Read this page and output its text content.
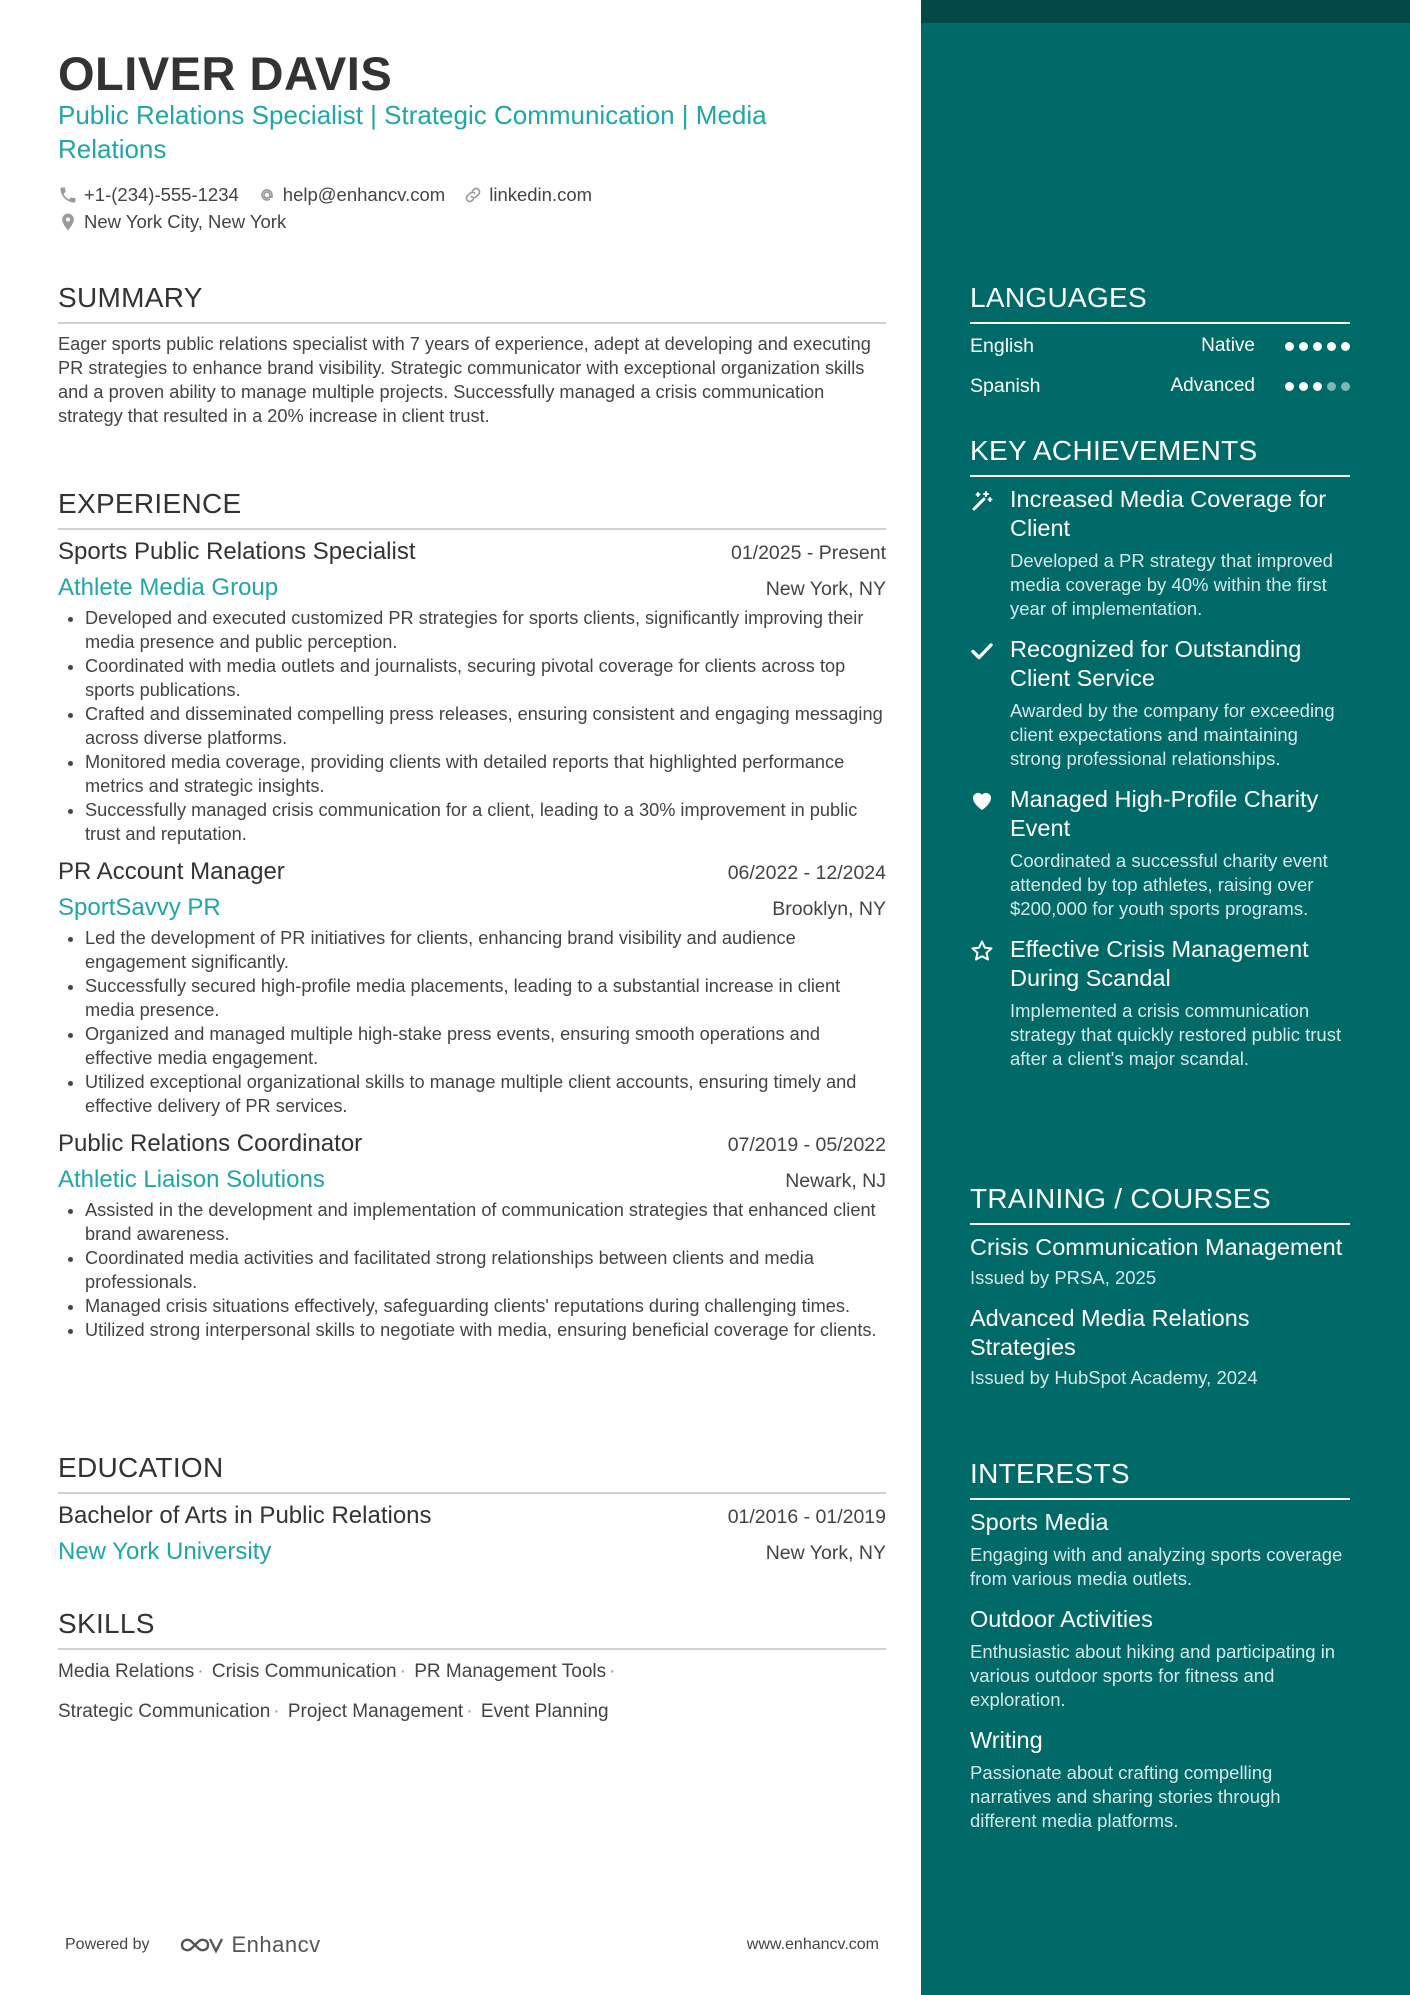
OLIVER DAVIS
Public Relations Specialist | Strategic Communication | Media Relations
+1-(234)-555-1234 help@enhancv.com linkedin.com
New York City, New York
SUMMARY
Eager sports public relations specialist with 7 years of experience, adept at developing and executing PR strategies to enhance brand visibility. Strategic communicator with exceptional organization skills and a proven ability to manage multiple projects. Successfully managed a crisis communication strategy that resulted in a 20% increase in client trust.
EXPERIENCE
Sports Public Relations Specialist	01/2025 - Present
Athlete Media Group	New York, NY
• Developed and executed customized PR strategies for sports clients, significantly improving their media presence and public perception.
• Coordinated with media outlets and journalists, securing pivotal coverage for clients across top sports publications.
• Crafted and disseminated compelling press releases, ensuring consistent and engaging messaging across diverse platforms.
• Monitored media coverage, providing clients with detailed reports that highlighted performance metrics and strategic insights.
• Successfully managed crisis communication for a client, leading to a 30% improvement in public trust and reputation.
PR Account Manager	06/2022 - 12/2024
SportSavvy PR	Brooklyn, NY
• Led the development of PR initiatives for clients, enhancing brand visibility and audience engagement significantly.
• Successfully secured high-profile media placements, leading to a substantial increase in client media presence.
• Organized and managed multiple high-stake press events, ensuring smooth operations and effective media engagement.
• Utilized exceptional organizational skills to manage multiple client accounts, ensuring timely and effective delivery of PR services.
Public Relations Coordinator	07/2019 - 05/2022
Athletic Liaison Solutions	Newark, NJ
• Assisted in the development and implementation of communication strategies that enhanced client brand awareness.
• Coordinated media activities and facilitated strong relationships between clients and media professionals.
• Managed crisis situations effectively, safeguarding clients' reputations during challenging times.
• Utilized strong interpersonal skills to negotiate with media, ensuring beneficial coverage for clients.
EDUCATION
Bachelor of Arts in Public Relations	01/2016 - 01/2019
New York University	New York, NY
SKILLS
Media Relations · Crisis Communication · PR Management Tools ·
Strategic Communication · Project Management · Event Planning
Powered by	Enhancv	www.enhancv.com
LANGUAGES
English	Native
Spanish	Advanced
KEY ACHIEVEMENTS
Increased Media Coverage for Client
Developed a PR strategy that improved media coverage by 40% within the first year of implementation.
Recognized for Outstanding Client Service
Awarded by the company for exceeding client expectations and maintaining strong professional relationships.
Managed High-Profile Charity Event
Coordinated a successful charity event attended by top athletes, raising over $200,000 for youth sports programs.
Effective Crisis Management During Scandal
Implemented a crisis communication strategy that quickly restored public trust after a client's major scandal.
TRAINING / COURSES
Crisis Communication Management
Issued by PRSA, 2025
Advanced Media Relations Strategies
Issued by HubSpot Academy, 2024
INTERESTS
Sports Media
Engaging with and analyzing sports coverage from various media outlets.
Outdoor Activities
Enthusiastic about hiking and participating in various outdoor sports for fitness and exploration.
Writing
Passionate about crafting compelling narratives and sharing stories through different media platforms.
